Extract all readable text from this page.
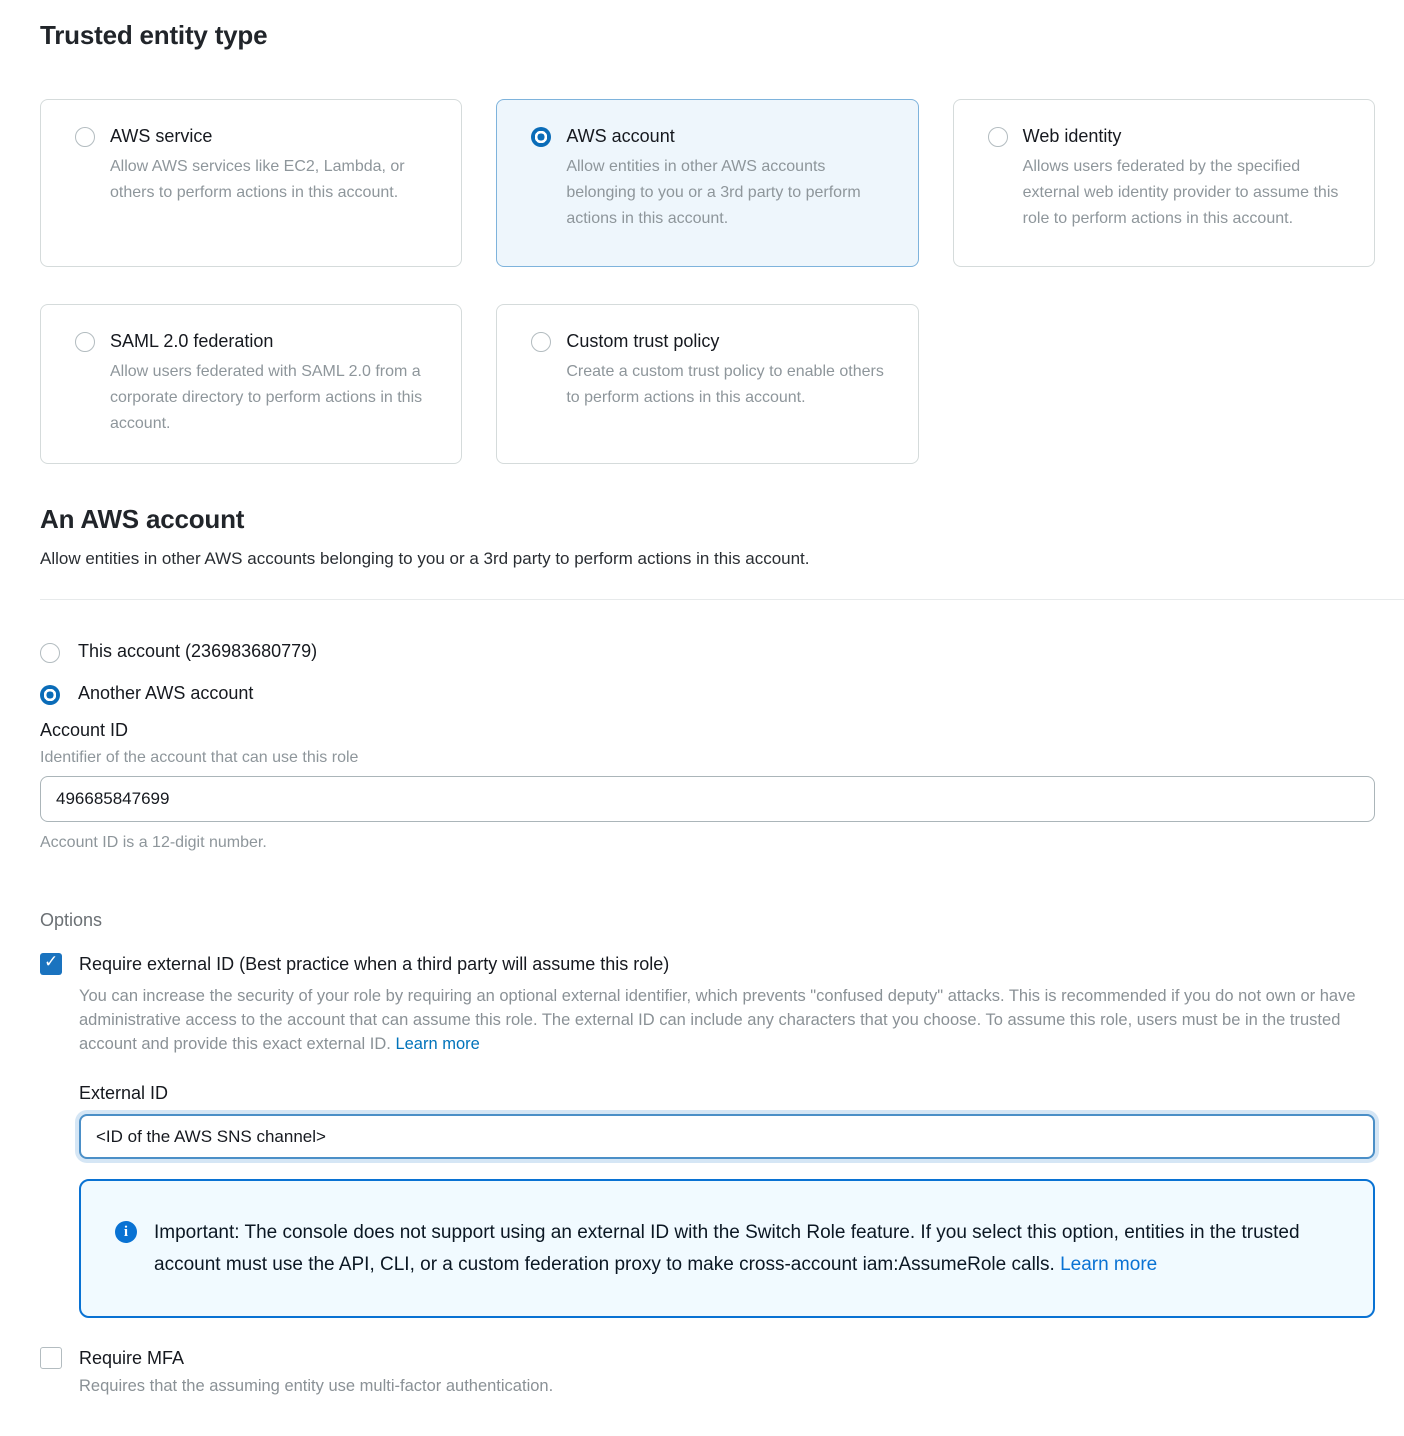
Trusted entity type
AWS service
Allow AWS services like EC2, Lambda, or others to perform actions in this account.
AWS account
Allow entities in other AWS accounts belonging to you or a 3rd party to perform actions in this account.
Web identity
Allows users federated by the specified external web identity provider to assume this role to perform actions in this account.
SAML 2.0 federation
Allow users federated with SAML 2.0 from a corporate directory to perform actions in this account.
Custom trust policy
Create a custom trust policy to enable others to perform actions in this account.
An AWS account
Allow entities in other AWS accounts belonging to you or a 3rd party to perform actions in this account.
This account (236983680779)
Another AWS account
Account ID
Identifier of the account that can use this role
496685847699
Account ID is a 12-digit number.
Options
✓ Require external ID (Best practice when a third party will assume this role)
You can increase the security of your role by requiring an optional external identifier, which prevents "confused deputy" attacks. This is recommended if you do not own or have administrative access to the account that can assume this role. The external ID can include any characters that you choose. To assume this role, users must be in the trusted account and provide this exact external ID. Learn more
External ID
<ID of the AWS SNS channel>
i	Important: The console does not support using an external ID with the Switch Role feature. If you select this option, entities in the trusted account must use the API, CLI, or a custom federation proxy to make cross-account iam:AssumeRole calls. Learn more
Require MFA
Requires that the assuming entity use multi-factor authentication.
